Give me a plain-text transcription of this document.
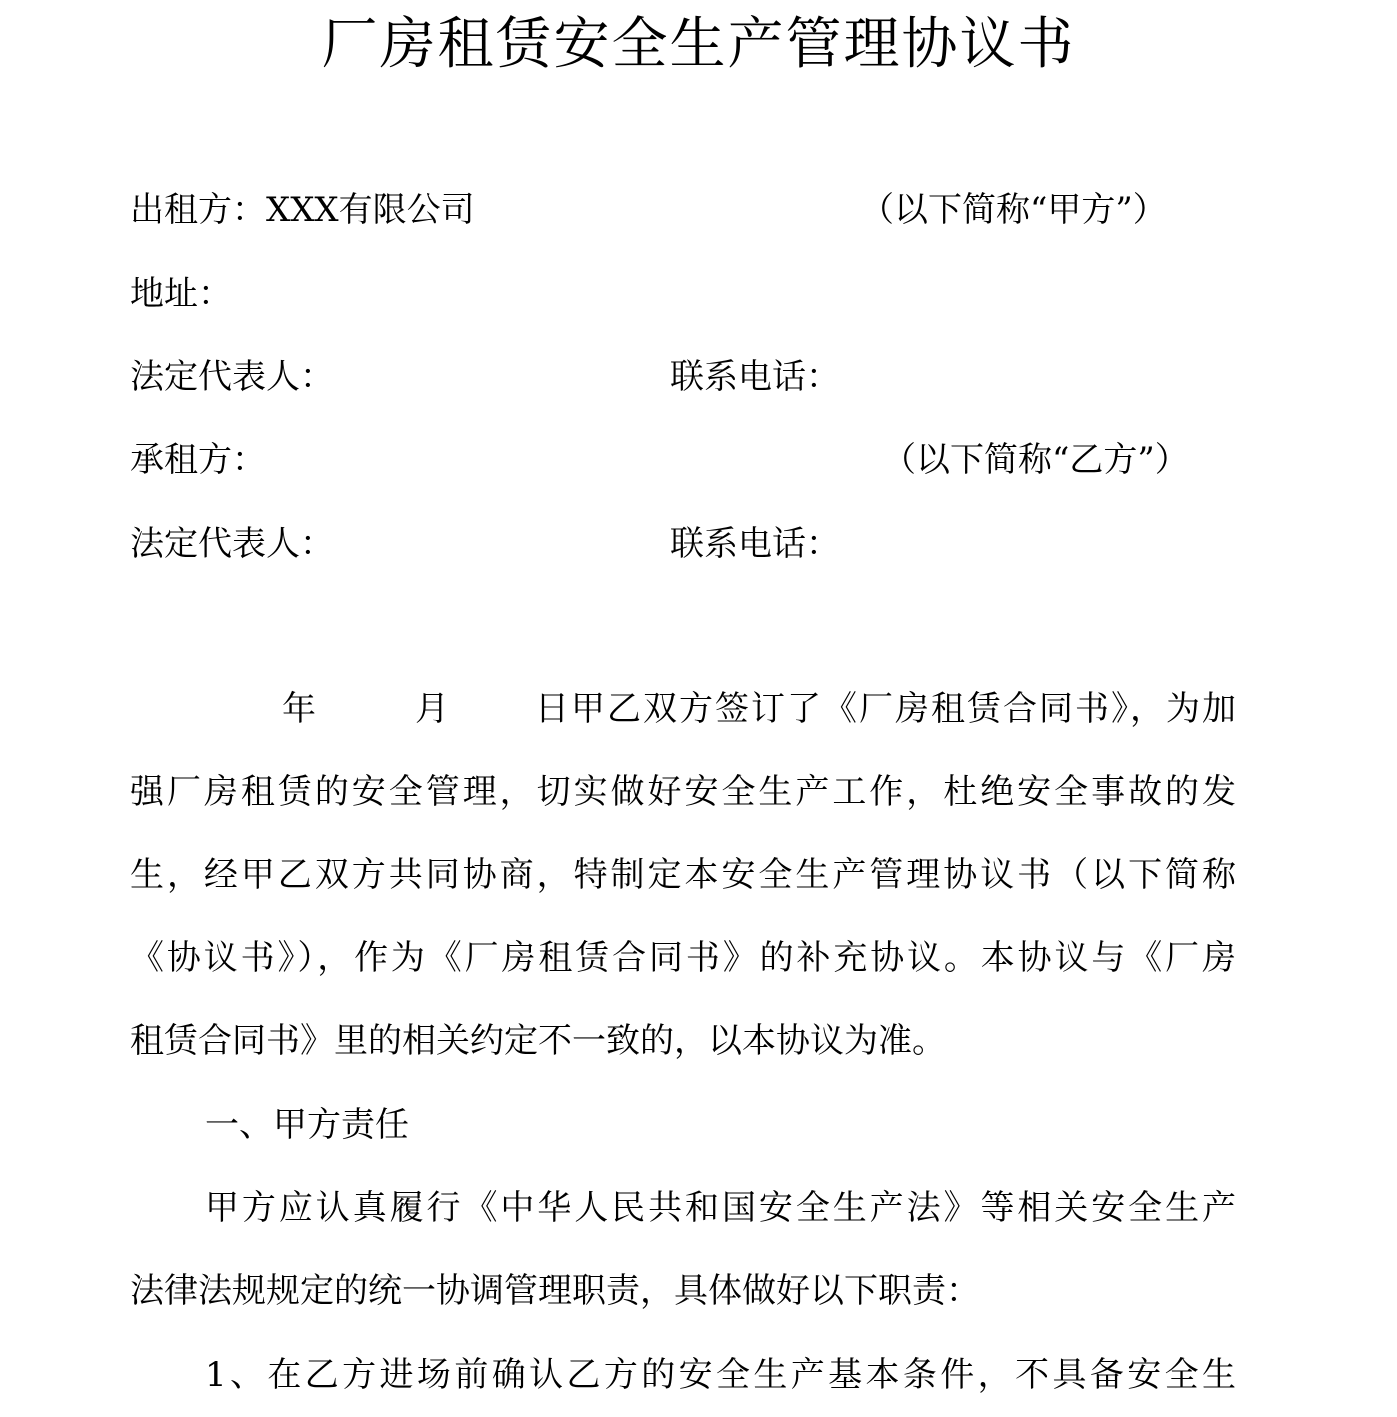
厂房租赁安全生产管理协议书
出租方：XXX有限公司	（以下简称“甲方”）
地址：
法定代表人：	联系电话：
承租方：	（以下简称“乙方”）
法定代表人：	联系电话：
年	月 日甲乙双方签订了《厂房租赁合同书》，为加
强厂房租赁的安全管理，切实做好安全生产工作，杜绝安全事故的发
生，经甲乙双方共同协商，特制定本安全生产管理协议书（以下简称
《协议书》），作为《厂房租赁合同书》的补充协议。本协议与《厂房
租赁合同书》里的相关约定不一致的，以本协议为准。
一、甲方责任
甲方应认真履行《中华人民共和国安全生产法》等相关安全生产
法律法规规定的统一协调管理职责，具体做好以下职责：
1、在乙方进场前确认乙方的安全生产基本条件，不具备安全生
